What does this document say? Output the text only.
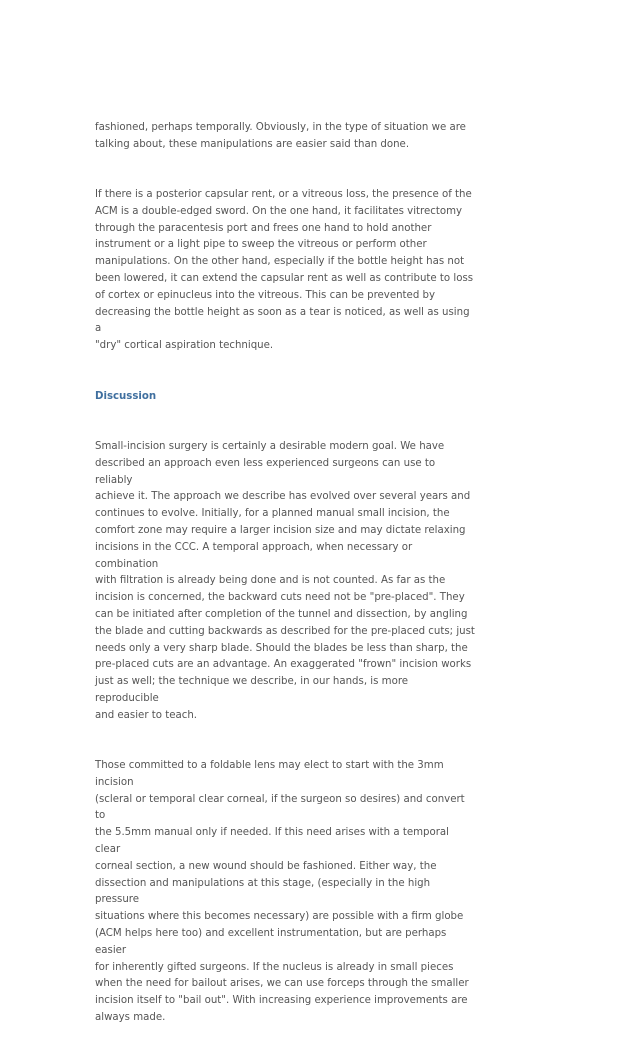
fashioned, perhaps temporally. Obviously, in the type of situation we are
talking about, these manipulations are easier said than done.

If there is a posterior capsular rent, or a vitreous loss, the presence of the
ACM is a double-edged sword. On the one hand, it facilitates vitrectomy
through the paracentesis port and frees one hand to hold another
instrument or a light pipe to sweep the vitreous or perform other
manipulations. On the other hand, especially if the bottle height has not
been lowered, it can extend the capsular rent as well as contribute to loss
of cortex or epinucleus into the vitreous. This can be prevented by
decreasing the bottle height as soon as a tear is noticed, as well as using a
"dry" cortical aspiration technique.

Discussion

Small-incision surgery is certainly a desirable modern goal. We have
described an approach even less experienced surgeons can use to reliably
achieve it. The approach we describe has evolved over several years and
continues to evolve. Initially, for a planned manual small incision, the
comfort zone may require a larger incision size and may dictate relaxing
incisions in the CCC. A temporal approach, when necessary or combination
with filtration is already being done and is not counted. As far as the
incision is concerned, the backward cuts need not be "pre-placed". They
can be initiated after completion of the tunnel and dissection, by angling
the blade and cutting backwards as described for the pre-placed cuts; just
needs only a very sharp blade. Should the blades be less than sharp, the
pre-placed cuts are an advantage. An exaggerated "frown" incision works
just as well; the technique we describe, in our hands, is more reproducible
and easier to teach.

Those committed to a foldable lens may elect to start with the 3mm incision
(scleral or temporal clear corneal, if the surgeon so desires) and convert to
the 5.5mm manual only if needed. If this need arises with a temporal clear
corneal section, a new wound should be fashioned. Either way, the
dissection and manipulations at this stage, (especially in the high pressure
situations where this becomes necessary) are possible with a firm globe
(ACM helps here too) and excellent instrumentation, but are perhaps easier
for inherently gifted surgeons. If the nucleus is already in small pieces
when the need for bailout arises, we can use forceps through the smaller
incision itself to "bail out". With increasing experience improvements are
always made.
